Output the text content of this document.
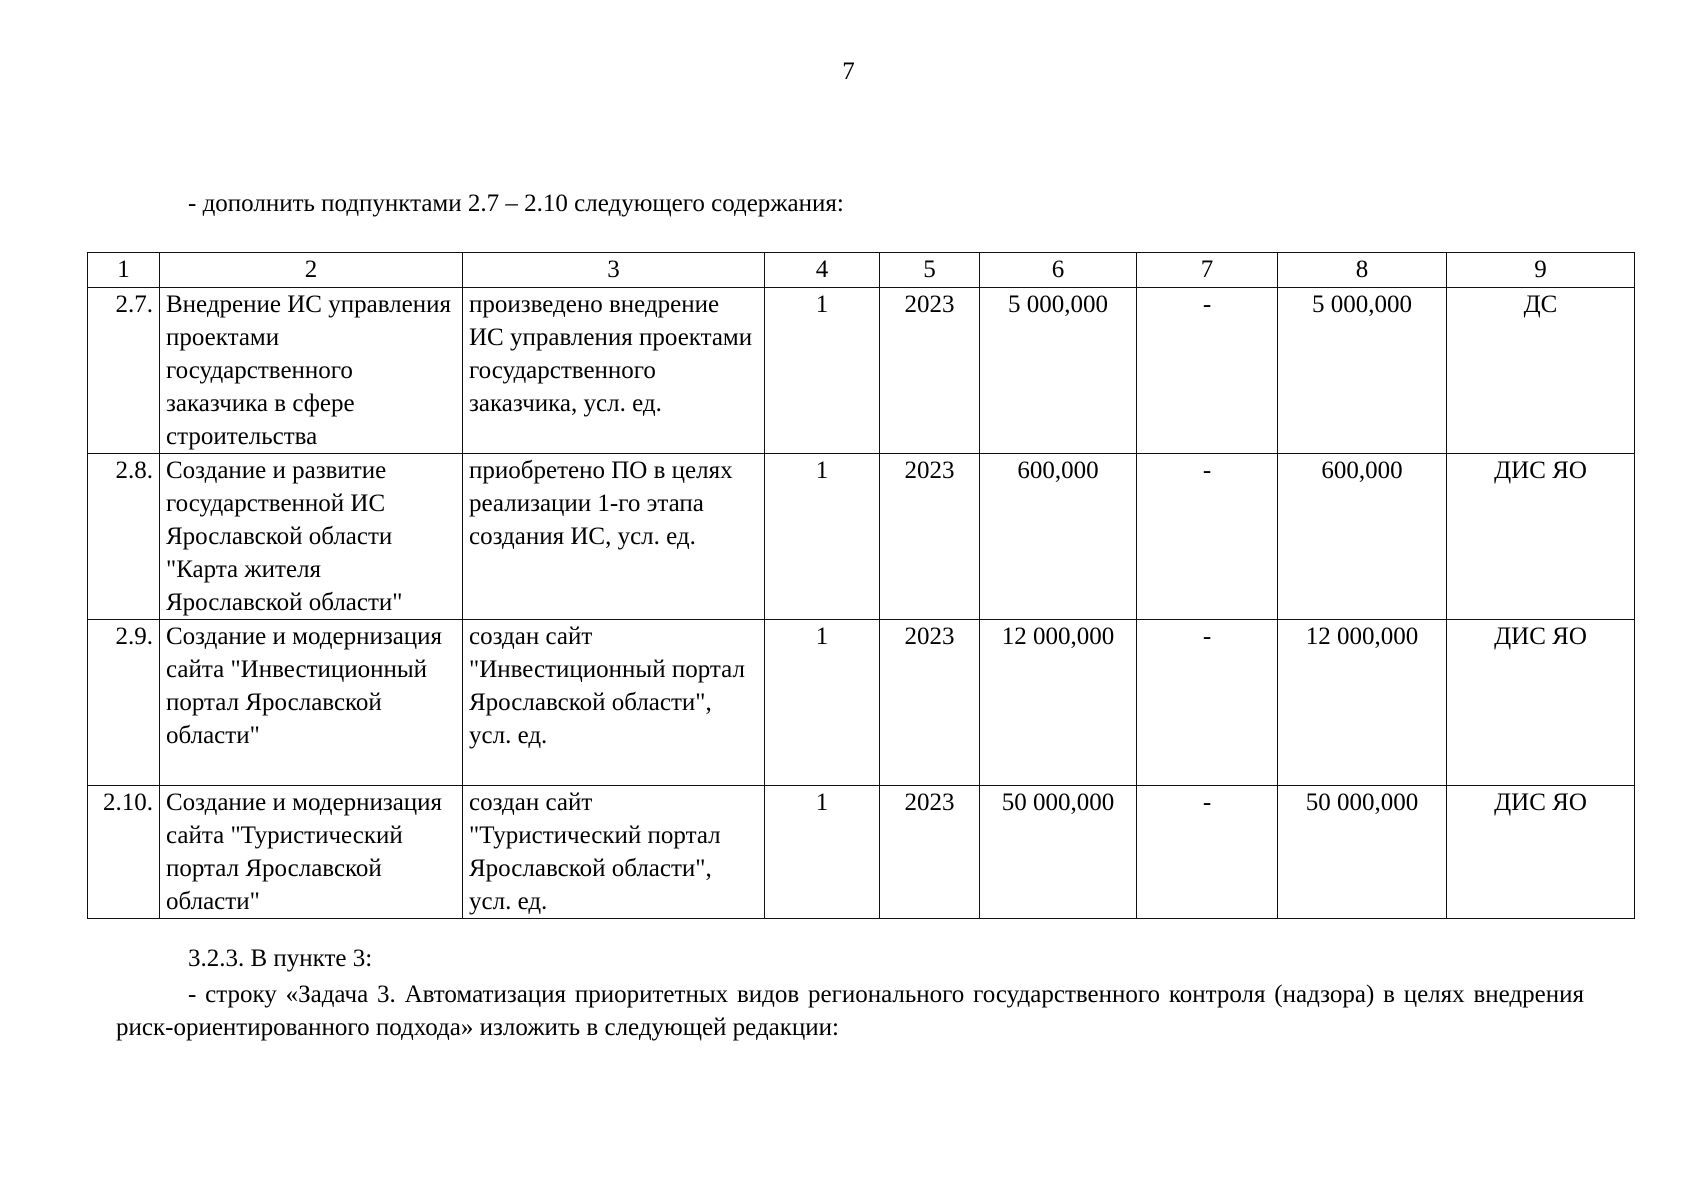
7
- дополнить подпунктами 2.7 – 2.10 следующего содержания:
1	2	3	4	5	6	7	8	9
2.7.	Внедрение ИС управления проектами государственного заказчика в сфере строительства	произведено внедрение ИС управления проектами государственного заказчика, усл. ед.	1	2023	5 000,000	-	5 000,000	ДС
2.8.	Создание и развитие государственной ИС Ярославской области "Карта жителя Ярославской области"	приобретено ПО в целях реализации 1-го этапа создания ИС, усл. ед.	1	2023	600,000	-	600,000	ДИС ЯО
2.9.	Создание и модернизация сайта "Инвестиционный портал Ярославской области"	создан сайт "Инвестиционный портал Ярославской области", усл. ед.	1	2023	12 000,000	-	12 000,000	ДИС ЯО
2.10.	Создание и модернизация сайта "Туристический портал Ярославской области"	создан сайт "Туристический портал Ярославской области", усл. ед.	1	2023	50 000,000	-	50 000,000	ДИС ЯО
3.2.3. В пункте 3:
- строку «Задача 3. Автоматизация приоритетных видов регионального государственного контроля (надзора) в целях внедрения риск-ориентированного подхода» изложить в следующей редакции:
